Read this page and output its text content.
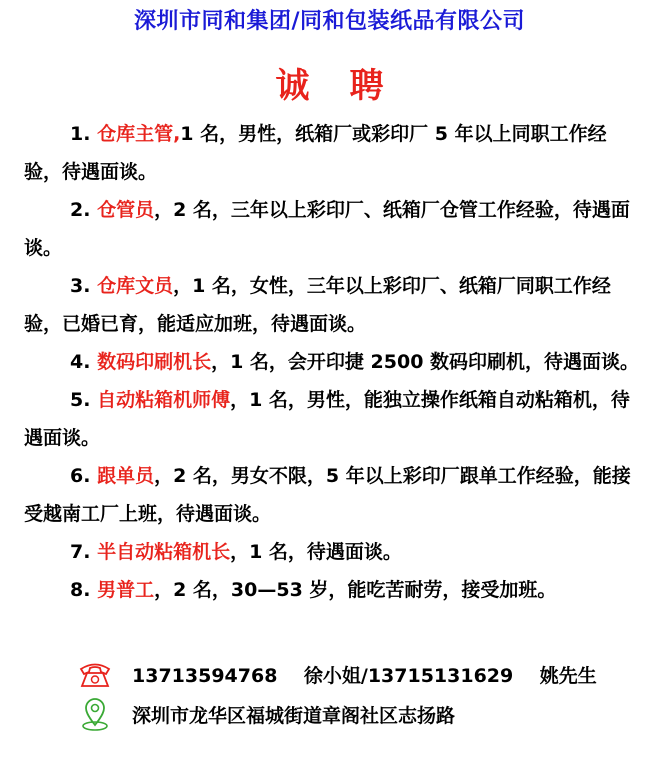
深圳市同和集团/同和包装纸品有限公司
诚聘
1. 仓库主管,1 名，男性，纸箱厂或彩印厂 5 年以上同职工作经验，待遇面谈。
2. 仓管员，2 名，三年以上彩印厂、纸箱厂仓管工作经验，待遇面谈。
3. 仓库文员，1 名，女性，三年以上彩印厂、纸箱厂同职工作经验，已婚已育，能适应加班，待遇面谈。
4. 数码印刷机长，1 名，会开印捷 2500 数码印刷机，待遇面谈。
5. 自动粘箱机师傅，1 名，男性，能独立操作纸箱自动粘箱机，待遇面谈。
6. 跟单员，2 名，男女不限，5 年以上彩印厂跟单工作经验，能接受越南工厂上班，待遇面谈。
7. 半自动粘箱机长，1 名，待遇面谈。
8. 男普工，2 名，30—53 岁，能吃苦耐劳，接受加班。
13713594768    徐小姐/13715131629    姚先生
深圳市龙华区福城街道章阁社区志扬路
